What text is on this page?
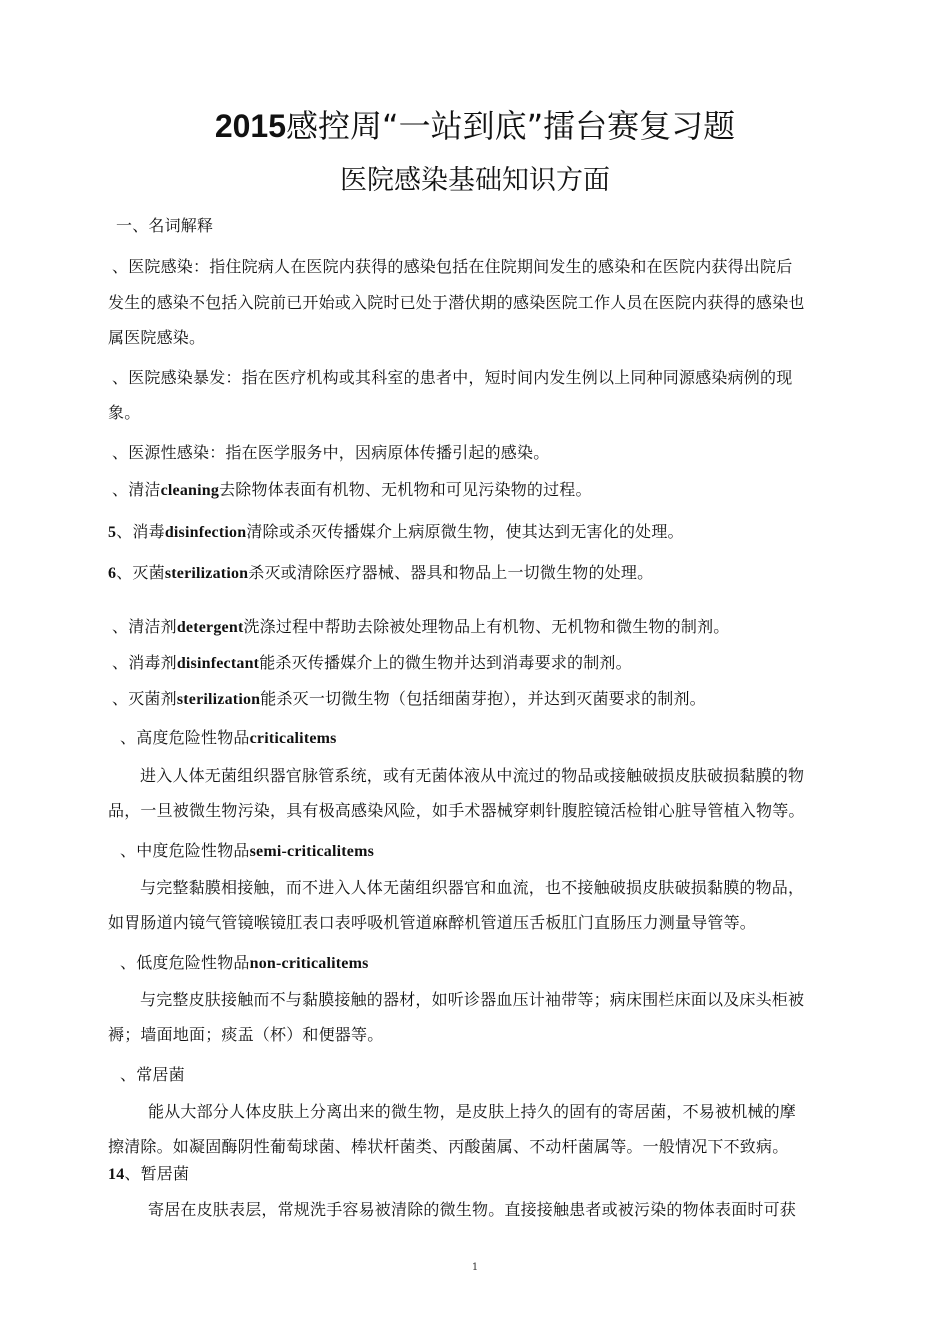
2015感控周“一站到底”擂台赛复习题
医院感染基础知识方面
一、名词解释
、医院感染：指住院病人在医院内获得的感染包括在住院期间发生的感染和在医院内获得出院后
发生的感染不包括入院前已开始或入院时已处于潜伏期的感染医院工作人员在医院内获得的感染也
属医院感染。
、医院感染暴发：指在医疗机构或其科室的患者中，短时间内发生例以上同种同源感染病例的现
象。
、医源性感染：指在医学服务中，因病原体传播引起的感染。
、清洁cleaning去除物体表面有机物、无机物和可见污染物的过程。
5、消毒disinfection清除或杀灭传播媒介上病原微生物，使其达到无害化的处理。
6、灭菌sterilization杀灭或清除医疗器械、器具和物品上一切微生物的处理。
、清洁剂detergent洗涤过程中帮助去除被处理物品上有机物、无机物和微生物的制剂。
、消毒剂disinfectant能杀灭传播媒介上的微生物并达到消毒要求的制剂。
、灭菌剂sterilization能杀灭一切微生物（包括细菌芽抱），并达到灭菌要求的制剂。
、高度危险性物品criticalitems
进入人体无菌组织器官脉管系统，或有无菌体液从中流过的物品或接触破损皮肤破损黏膜的物
品，一旦被微生物污染，具有极高感染风险，如手术器械穿刺针腹腔镜活检钳心脏导管植入物等。
、中度危险性物品semi-criticalitems
与完整黏膜相接触，而不进入人体无菌组织器官和血流，也不接触破损皮肤破损黏膜的物品，
如胃肠道内镜气管镜喉镜肛表口表呼吸机管道麻醉机管道压舌板肛门直肠压力测量导管等。
、低度危险性物品non-criticalitems
与完整皮肤接触而不与黏膜接触的器材，如听诊器血压计袖带等；病床围栏床面以及床头柜被
褥；墙面地面；痰盂（杯）和便器等。
、常居菌
能从大部分人体皮肤上分离出来的微生物，是皮肤上持久的固有的寄居菌，不易被机械的摩
擦清除。如凝固酶阴性葡萄球菌、棒状杆菌类、丙酸菌属、不动杆菌属等。一般情况下不致病。
14、暂居菌
寄居在皮肤表层，常规洗手容易被清除的微生物。直接接触患者或被污染的物体表面时可获
1
